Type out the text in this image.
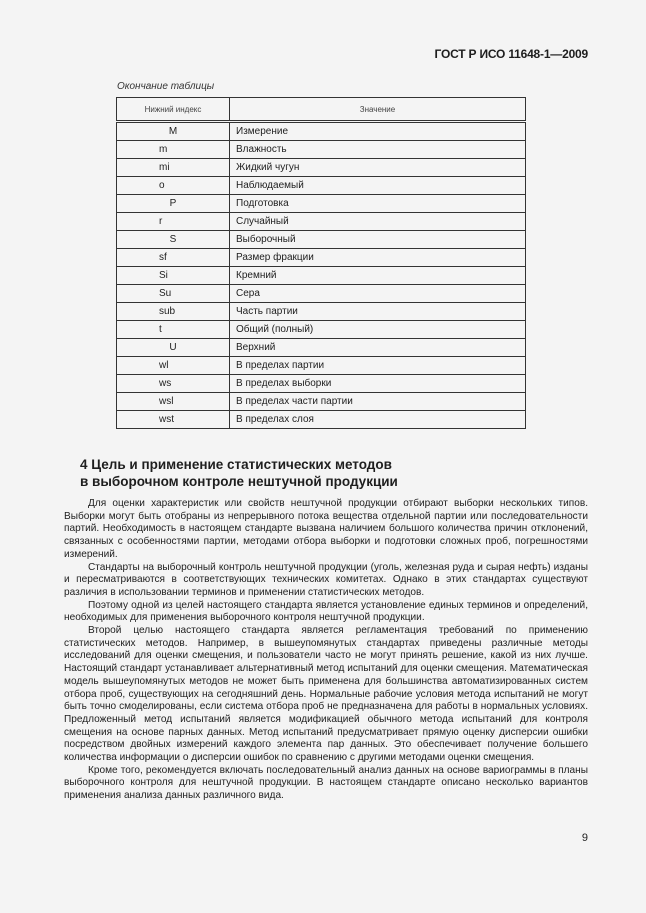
ГОСТ Р ИСО 11648-1—2009
Окончание таблицы
Нижний индекс	Значение
M	Измерение
m	Влажность
mi	Жидкий чугун
o	Наблюдаемый
P	Подготовка
r	Случайный
S	Выборочный
sf	Размер фракции
Si	Кремний
Su	Сера
sub	Часть партии
t	Общий (полный)
U	Верхний
wl	В пределах партии
ws	В пределах выборки
wsl	В пределах части партии
wst	В пределах слоя
4 Цель и применение статистических методов
в выборочном контроле нештучной продукции

Для оценки характеристик или свойств нештучной продукции отбирают выборки нескольких типов. Выборки могут быть отобраны из непрерывного потока вещества отдельной партии или последовательности партий. Необходимость в настоящем стандарте вызвана наличием большого количества причин отклонений, связанных с особенностями партии, методами отбора выборки и подготовки сложных проб, погрешностями измерений.

Стандарты на выборочный контроль нештучной продукции (уголь, железная руда и сырая нефть) изданы и пересматриваются в соответствующих технических комитетах. Однако в этих стандартах существуют различия в использовании терминов и применении статистических методов.

Поэтому одной из целей настоящего стандарта является установление единых терминов и определений, необходимых для применения выборочного контроля нештучной продукции.

Второй целью настоящего стандарта является регламентация требований по применению статистических методов. Например, в вышеупомянутых стандартах приведены различные методы исследований для оценки смещения, и пользователи часто не могут принять решение, какой из них лучше. Настоящий стандарт устанавливает альтернативный метод испытаний для оценки смещения. Математическая модель вышеупомянутых методов не может быть применена для большинства автоматизированных систем отбора проб, существующих на сегодняшний день. Нормальные рабочие условия метода испытаний не могут быть точно смоделированы, если система отбора проб не предназначена для работы в нормальных условиях. Предложенный метод испытаний является модификацией обычного метода испытаний для контроля смещения на основе парных данных. Метод испытаний предусматривает прямую оценку дисперсии ошибки посредством двойных измерений каждого элемента пар данных. Это обеспечивает получение большего количества информации о дисперсии ошибок по сравнению с другими методами оценки смещения.

Кроме того, рекомендуется включать последовательный анализ данных на основе вариограммы в планы выборочного контроля для нештучной продукции. В настоящем стандарте описано несколько вариантов применения анализа данных различного вида.

9
